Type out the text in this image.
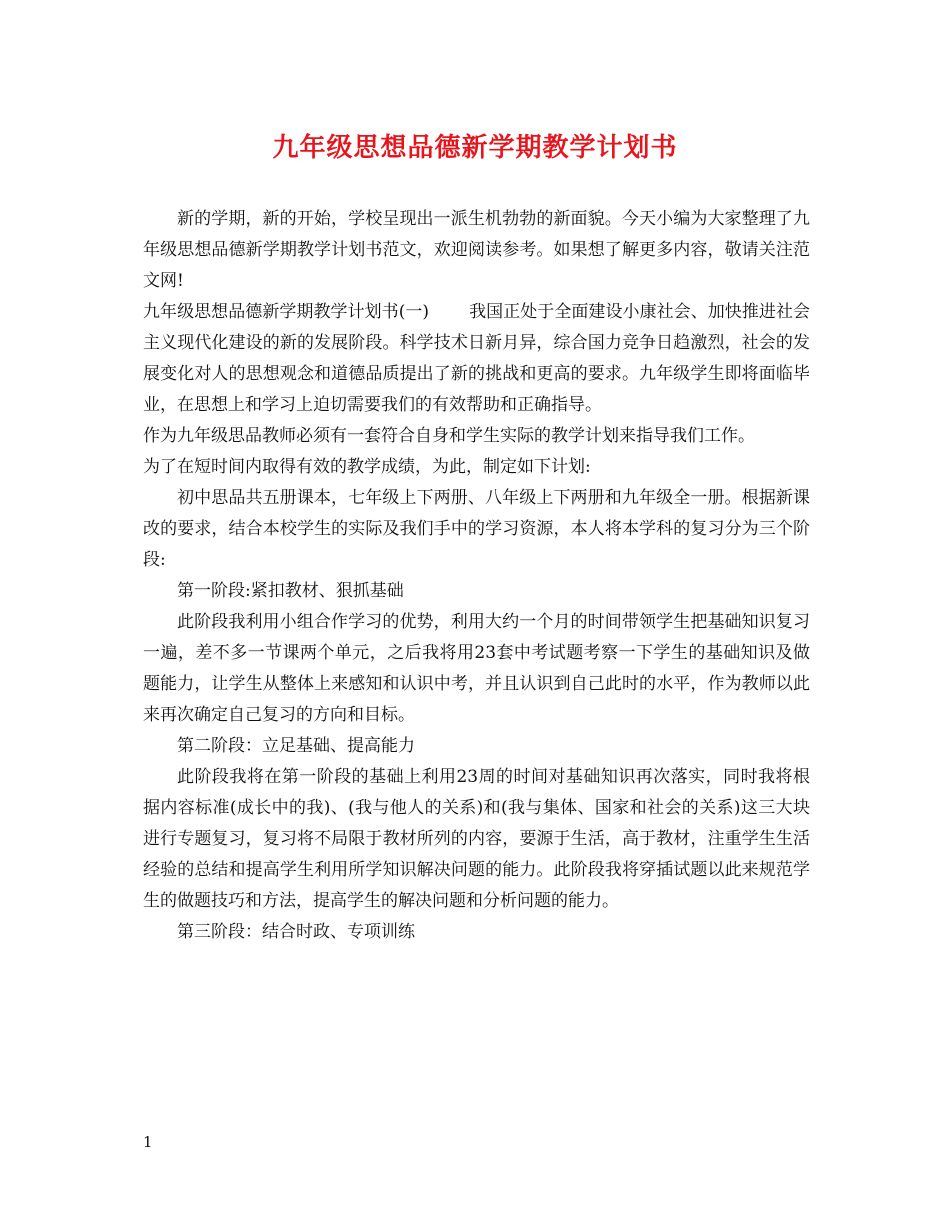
九年级思想品德新学期教学计划书

新的学期，新的开始，学校呈现出一派生机勃勃的新面貌。今天小编为大家整理了九年级思想品德新学期教学计划书范文，欢迎阅读参考。如果想了解更多内容，敬请关注范文网!

九年级思想品德新学期教学计划书(一) 我国正处于全面建设小康社会、加快推进社会主义现代化建设的新的发展阶段。科学技术日新月异，综合国力竞争日趋激烈，社会的发展变化对人的思想观念和道德品质提出了新的挑战和更高的要求。九年级学生即将面临毕业，在思想上和学习上迫切需要我们的有效帮助和正确指导。

作为九年级思品教师必须有一套符合自身和学生实际的教学计划来指导我们工作。

为了在短时间内取得有效的教学成绩，为此，制定如下计划:

初中思品共五册课本，七年级上下两册、八年级上下两册和九年级全一册。根据新课改的要求，结合本校学生的实际及我们手中的学习资源，本人将本学科的复习分为三个阶段:

第一阶段:紧扣教材、狠抓基础

此阶段我利用小组合作学习的优势，利用大约一个月的时间带领学生把基础知识复习一遍，差不多一节课两个单元，之后我将用23套中考试题考察一下学生的基础知识及做题能力，让学生从整体上来感知和认识中考，并且认识到自己此时的水平，作为教师以此来再次确定自己复习的方向和目标。

第二阶段：立足基础、提高能力

此阶段我将在第一阶段的基础上利用23周的时间对基础知识再次落实，同时我将根据内容标准(成长中的我)、(我与他人的关系)和(我与集体、国家和社会的关系)这三大块进行专题复习，复习将不局限于教材所列的内容，要源于生活，高于教材，注重学生生活经验的总结和提高学生利用所学知识解决问题的能力。此阶段我将穿插试题以此来规范学生的做题技巧和方法，提高学生的解决问题和分析问题的能力。

第三阶段：结合时政、专项训练

1
